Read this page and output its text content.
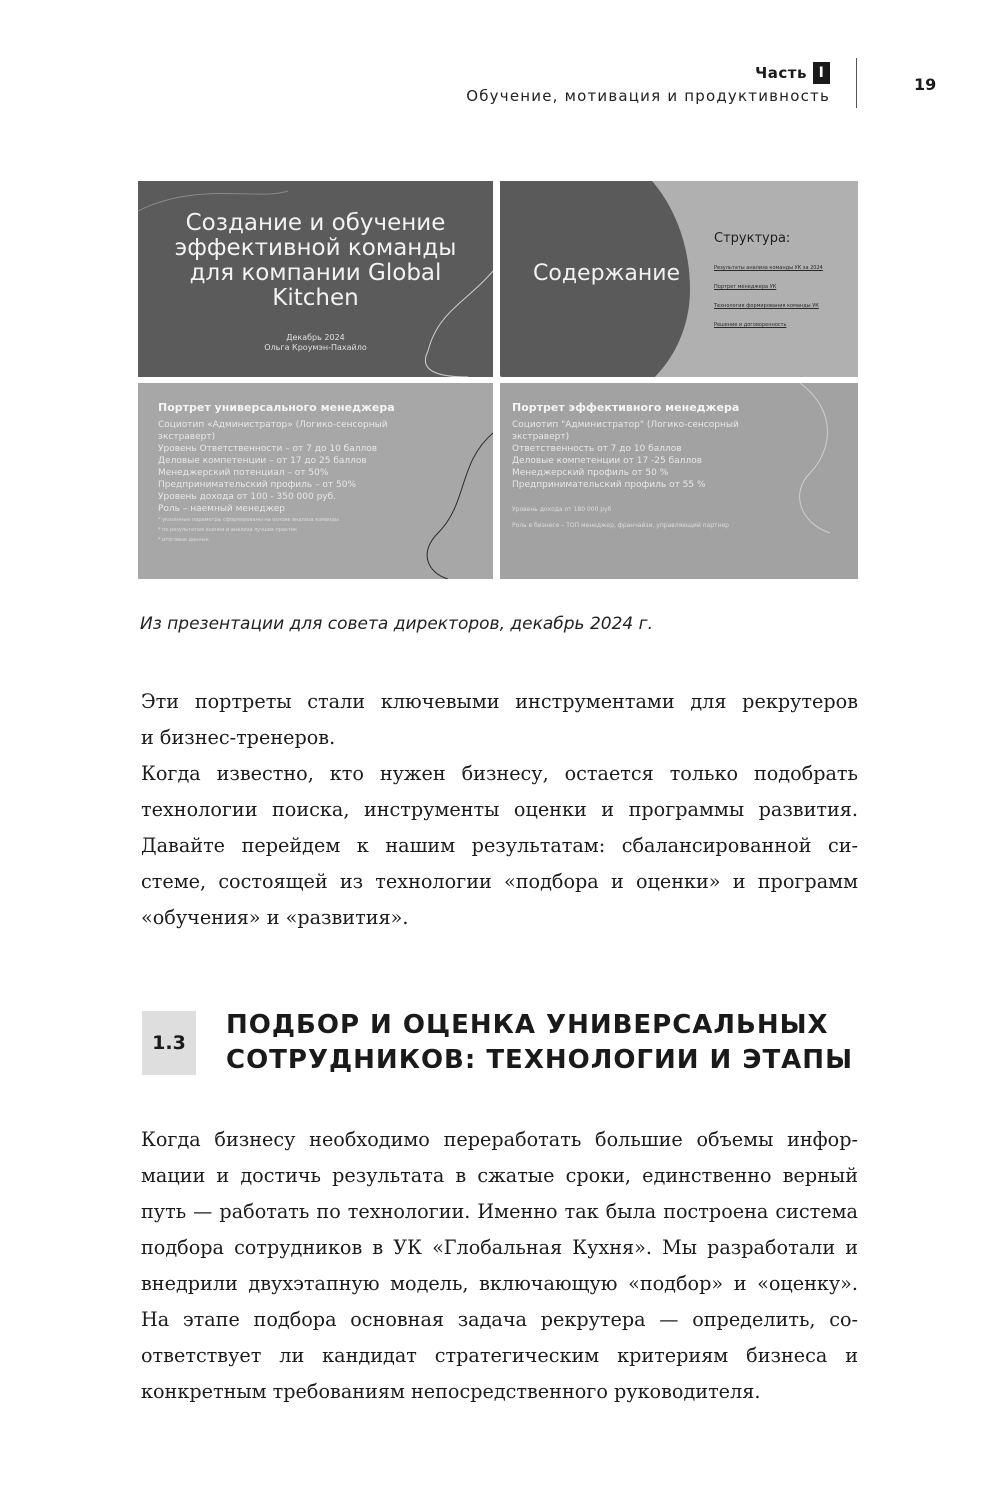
Часть I
Обучение, мотивация и продуктивность
19
Создание и обучение
эффективной команды
для компании Global
Kitchen
Декабрь 2024
Ольга Кроумэн-Пахайло
Содержание
Структура:
Результаты анализа команды УК за 2024
Портрет менеджера УК
Технология формирования команды УК
Решение и договоренность
Портрет универсального менеджера
Социотип «Администратор» (Логико-сенсорный
экстраверт)
Уровень Ответственности – от 7 до 10 баллов
Деловые компетенции – от 17 до 25 баллов
Менеджерский потенциал – от 50%
Предпринимательский профиль – от 50%
Уровень дохода от 100 - 350 000 руб.
Роль – наемный менеджер
* указанные параметры сформированы на основе анализа команды
* по результатам оценки и анализа лучших практик
* итоговые данные
Портрет эффективного менеджера
Социотип "Администратор" (Логико-сенсорный
экстраверт)
Ответственность от 7 до 10 баллов
Деловые компетенции от 17 -25 баллов
Менеджерский профиль от 50 %
Предпринимательский профиль от 55 %
Уровень дохода от 180 000 руб
Роль в бизнесе – ТОП менеджер, франчайзи, управляющий партнер
Из презентации для совета директоров, декабрь 2024 г.
Эти портреты стали ключевыми инструментами для рекрутеров
и бизнес-тренеров.
Когда известно, кто нужен бизнесу, остается только подобрать
технологии поиска, инструменты оценки и программы развития.
Давайте перейдем к нашим результатам: сбалансированной си-
стеме, состоящей из технологии «подбора и оценки» и программ
«обучения» и «развития».
1.3
ПОДБОР И ОЦЕНКА УНИВЕРСАЛЬНЫХ
СОТРУДНИКОВ: ТЕХНОЛОГИИ И ЭТАПЫ
Когда бизнесу необходимо переработать большие объемы инфор-
мации и достичь результата в сжатые сроки, единственно верный
путь — работать по технологии. Именно так была построена система
подбора сотрудников в УК «Глобальная Кухня». Мы разработали и
внедрили двухэтапную модель, включающую «подбор» и «оценку».
На этапе подбора основная задача рекрутера — определить, со-
ответствует ли кандидат стратегическим критериям бизнеса и
конкретным требованиям непосредственного руководителя.
